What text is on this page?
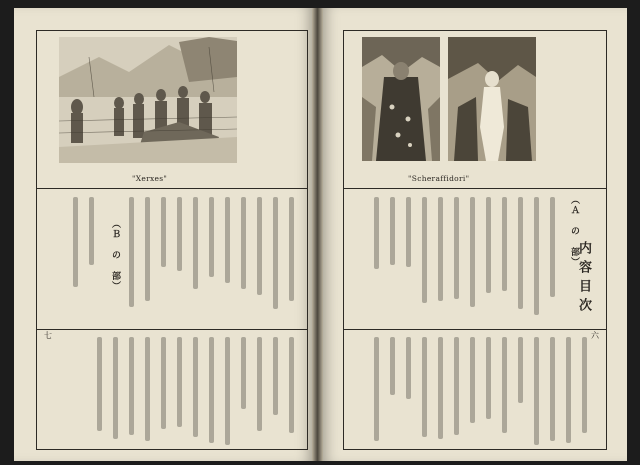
"Xerxes"
（Ｂ の 部）
七
"Scheraffidori"
内容目次
（Ａ の 部）
六
